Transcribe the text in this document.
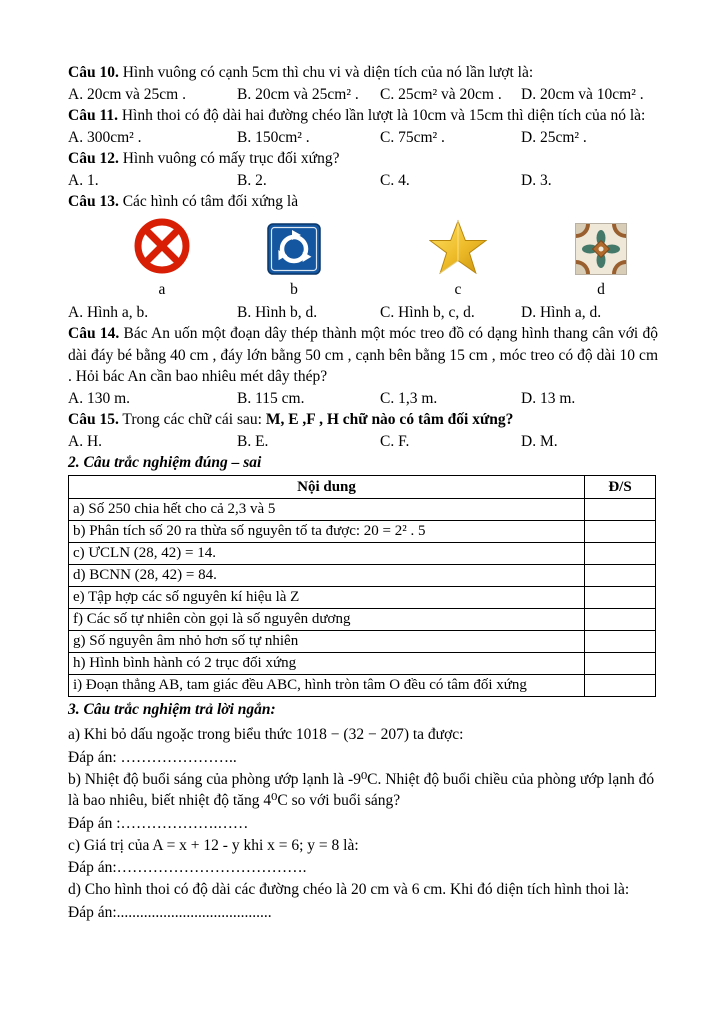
Câu 10. Hình vuông có cạnh 5cm thì chu vi và diện tích của nó lần lượt là:

A. 20cm và 25cm .	B. 20cm và 25cm² .	C. 25cm² và 20cm .	D. 20cm và 10cm² .

Câu 11. Hình thoi có độ dài hai đường chéo lần lượt là 10cm và 15cm thì diện tích của nó là:

A. 300cm² .	B. 150cm² .	C. 75cm² .	D. 25cm² .

Câu 12. Hình vuông có mấy trục đối xứng?

A. 1.	B. 2.	C. 4.	D. 3.

Câu 13. Các hình có tâm đối xứng là

a	b	c	d
A. Hình a, b.	B. Hình b, d.	C. Hình b, c, d.	D. Hình a, d.

Câu 14. Bác An uốn một đoạn dây thép thành một móc treo đồ có dạng hình thang cân với độ dài đáy bé bằng 40 cm , đáy lớn bằng 50 cm , cạnh bên bằng 15 cm , móc treo có độ dài 10 cm . Hỏi bác An cần bao nhiêu mét dây thép?

A. 130 m.	B. 115 cm.	C. 1,3 m.	D. 13 m.

Câu 15. Trong các chữ cái sau: M, E ,F , H chữ nào có tâm đối xứng?

A. H.	B. E.	C. F.	D. M.

2. Câu trắc nghiệm đúng – sai

Nội dung	Đ/S
a) Số 250 chia hết cho cả 2,3 và 5	
b) Phân tích số 20 ra thừa số nguyên tố ta được: 20 = 2² . 5	
c) ƯCLN (28, 42) = 14.	
d) BCNN (28, 42) = 84.	
e) Tập hợp các số nguyên kí hiệu là Z	
f) Các số tự nhiên còn gọi là số nguyên dương	
g) Số nguyên âm nhỏ hơn số tự nhiên	
h) Hình bình hành có 2 trục đối xứng	
i) Đoạn thẳng AB, tam giác đều ABC, hình tròn tâm O đều có tâm đối xứng	

3. Câu trắc nghiệm trả lời ngắn:

a) Khi bỏ dấu ngoặc trong biểu thức 1018 − (32 − 207) ta được:

Đáp án: …………………..

b) Nhiệt độ buổi sáng của phòng ướp lạnh là -9⁰C. Nhiệt độ buổi chiều của phòng ướp lạnh đó là bao nhiêu, biết nhiệt độ tăng 4⁰C so với buổi sáng?

Đáp án :……………….……

c) Giá trị của A = x + 12 - y khi x = 6; y = 8 là:

Đáp án:……………………………….

d) Cho hình thoi có độ dài các đường chéo là 20 cm và 6 cm. Khi đó diện tích hình thoi là:

Đáp án:........................................
